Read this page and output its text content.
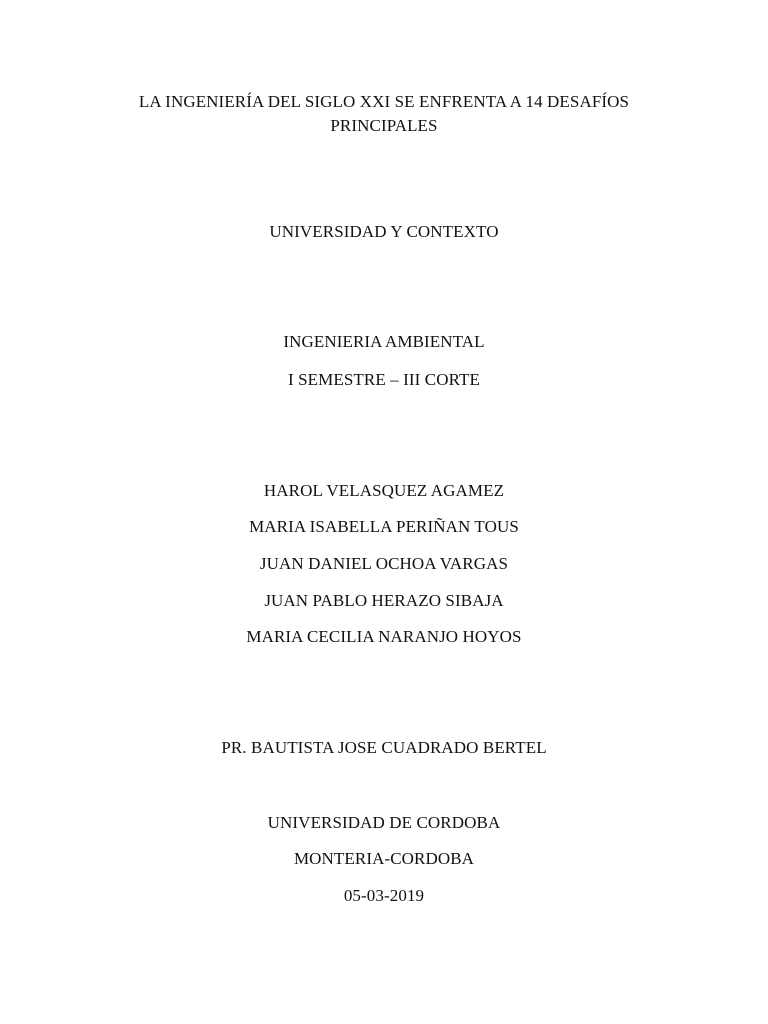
LA INGENIERÍA DEL SIGLO XXI SE ENFRENTA A 14 DESAFÍOS
PRINCIPALES
UNIVERSIDAD Y CONTEXTO
INGENIERIA AMBIENTAL
I SEMESTRE – III CORTE
HAROL VELASQUEZ AGAMEZ
MARIA ISABELLA PERIÑAN TOUS
JUAN DANIEL OCHOA VARGAS
JUAN PABLO HERAZO SIBAJA
MARIA CECILIA NARANJO HOYOS
PR. BAUTISTA JOSE CUADRADO BERTEL
UNIVERSIDAD DE CORDOBA
MONTERIA-CORDOBA
05-03-2019
